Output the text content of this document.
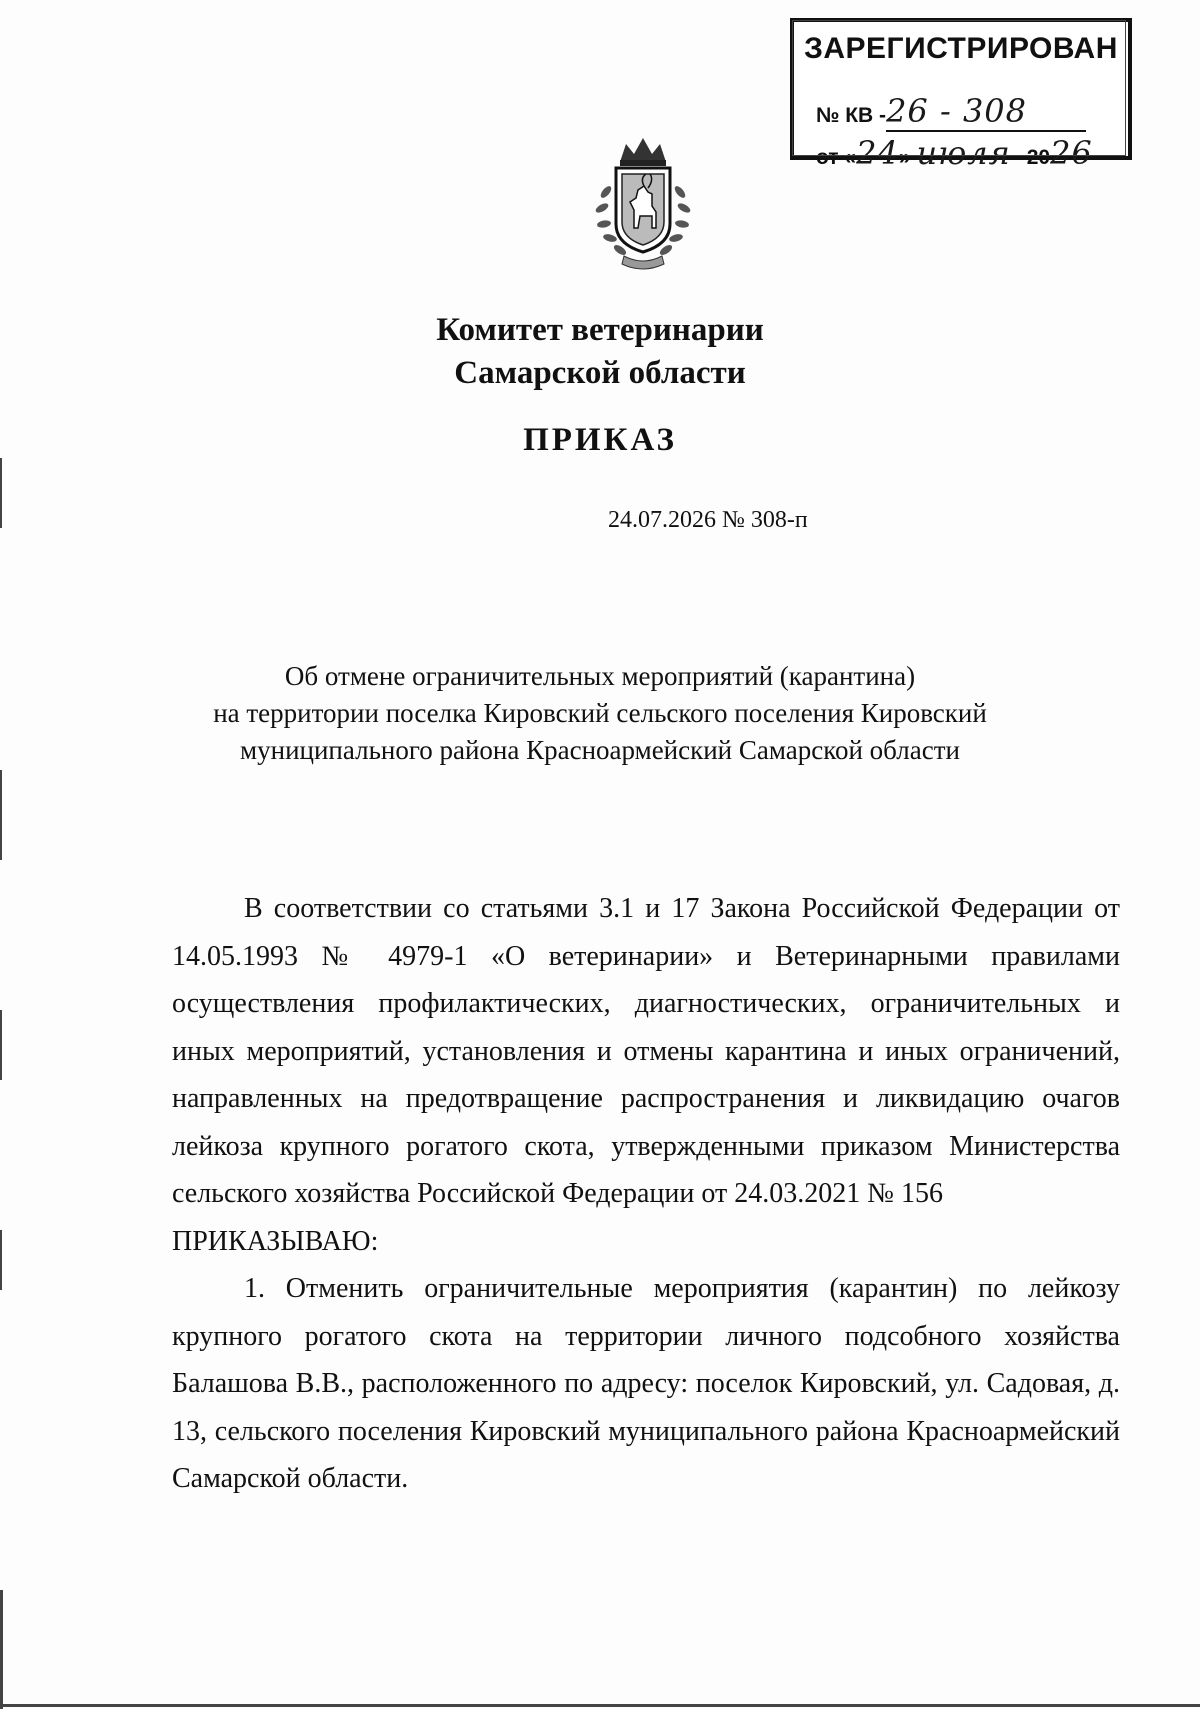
ЗАРЕГИСТРИРОВАН
№ КВ -26 - 308
от «24» июля 2026
Комитет ветеринарии
Самарской области
ПРИКАЗ
24.07.2026 № 308-п
Об отмене ограничительных мероприятий (карантина)
на территории поселка Кировский сельского поселения Кировский
муниципального района Красноармейский Самарской области

В соответствии со статьями 3.1 и 17 Закона Российской Федерации от 14.05.1993 № 4979-1 «О ветеринарии» и Ветеринарными правилами осуществления профилактических, диагностических, ограничительных и иных мероприятий, установления и отмены карантина и иных ограничений, направленных на предотвращение распространения и ликвидацию очагов лейкоза крупного рогатого скота, утвержденными приказом Министерства сельского хозяйства Российской Федерации от 24.03.2021 № 156

ПРИКАЗЫВАЮ:

1. Отменить ограничительные мероприятия (карантин) по лейкозу крупного рогатого скота на территории личного подсобного хозяйства Балашова В.В., расположенного по адресу: поселок Кировский, ул. Садовая, д. 13, сельского поселения Кировский муниципального района Красноармейский Самарской области.
